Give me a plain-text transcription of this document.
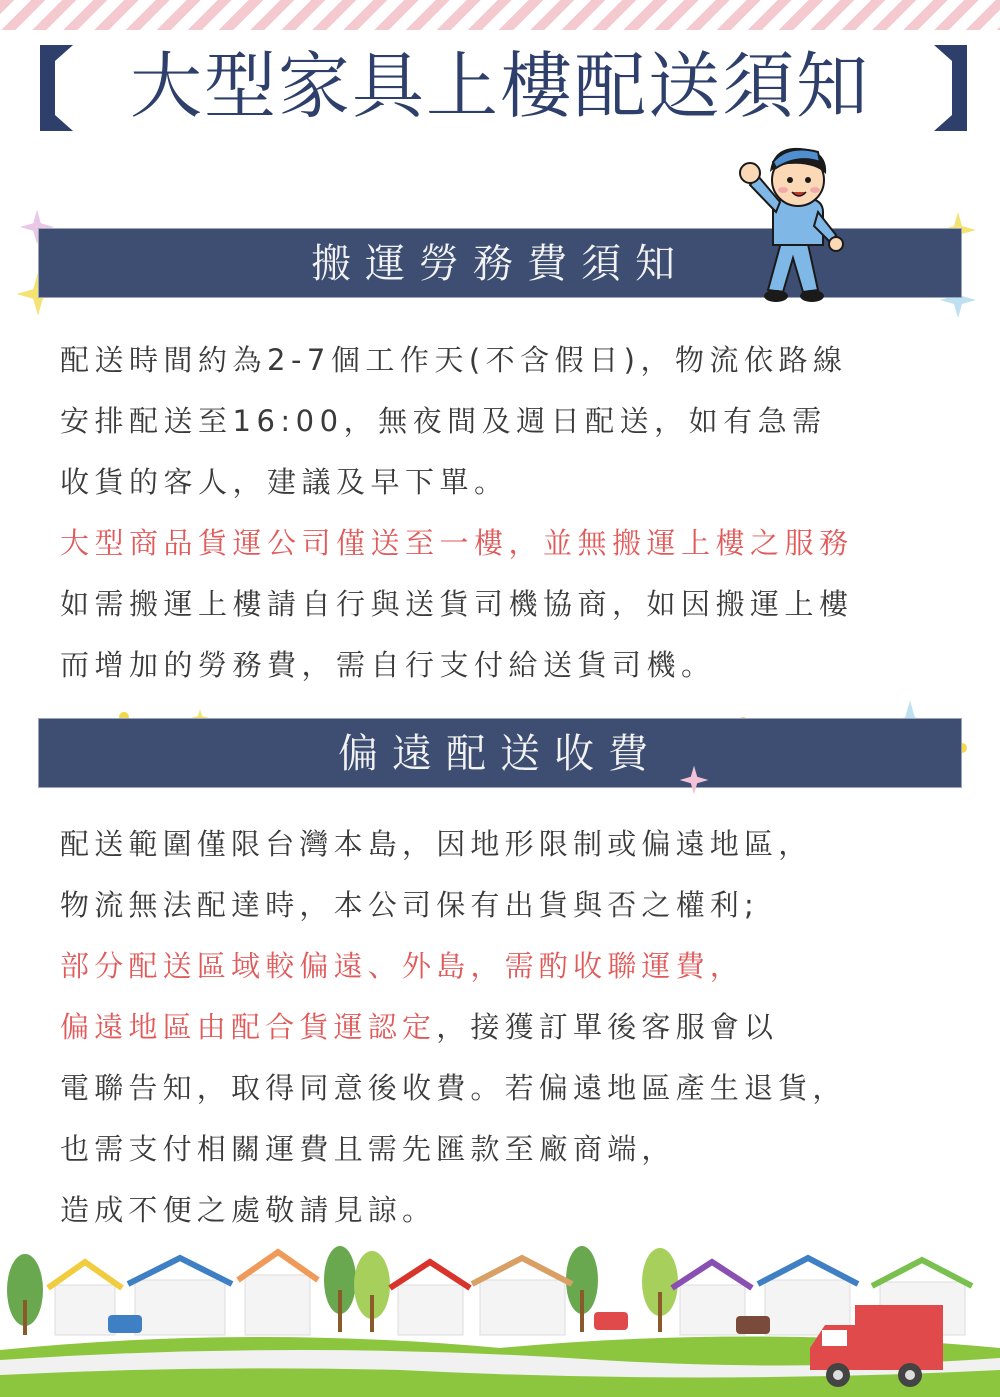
大型家具上樓配送須知
搬運勞務費須知
配送時間約為2-7個工作天(不含假日)，物流依路線
安排配送至16:00，無夜間及週日配送，如有急需
收貨的客人，建議及早下單。
大型商品貨運公司僅送至一樓，並無搬運上樓之服務
如需搬運上樓請自行與送貨司機協商，如因搬運上樓
而增加的勞務費，需自行支付給送貨司機。
偏遠配送收費
配送範圍僅限台灣本島，因地形限制或偏遠地區，
物流無法配達時，本公司保有出貨與否之權利;
部分配送區域較偏遠、外島，需酌收聯運費，
偏遠地區由配合貨運認定，接獲訂單後客服會以
電聯告知，取得同意後收費。若偏遠地區產生退貨，
也需支付相關運費且需先匯款至廠商端，
造成不便之處敬請見諒。
